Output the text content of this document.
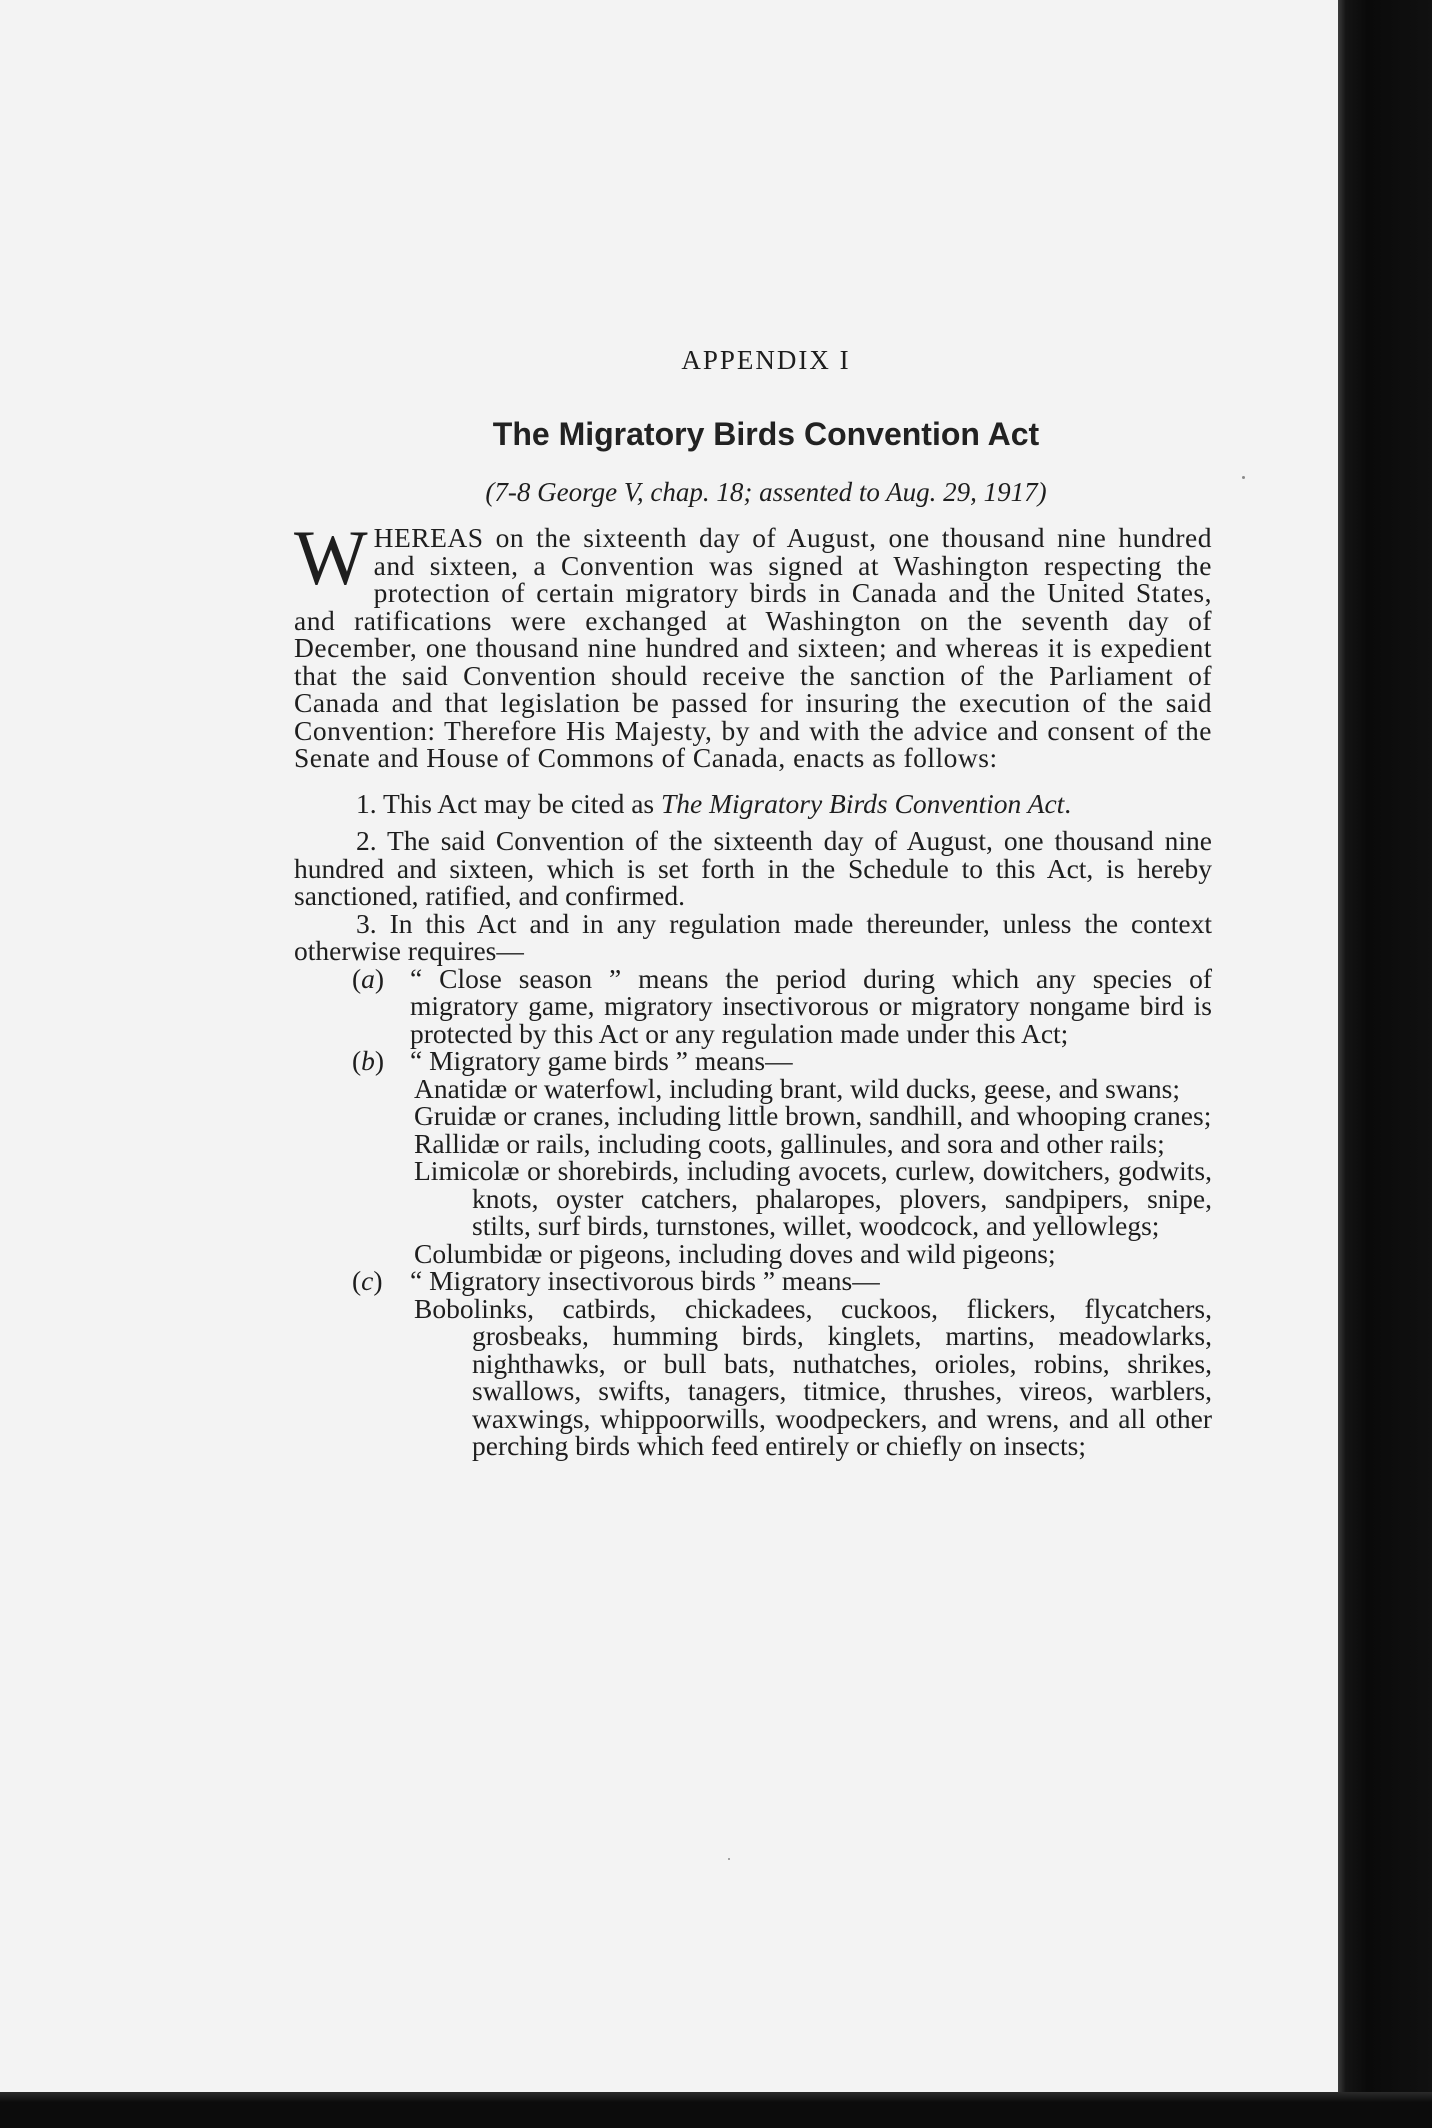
APPENDIX I
The Migratory Birds Convention Act
(7-8 George V, chap. 18; assented to Aug. 29, 1917)

WHEREAS on the sixteenth day of August, one thousand nine hundred and sixteen, a Convention was signed at Washington respecting the protection of certain migratory birds in Canada and the United States, and ratifications were exchanged at Washington on the seventh day of December, one thousand nine hundred and sixteen; and whereas it is expedient that the said Convention should receive the sanction of the Parliament of Canada and that legislation be passed for insuring the execution of the said Convention: Therefore His Majesty, by and with the advice and consent of the Senate and House of Commons of Canada, enacts as follows:

1. This Act may be cited as The Migratory Birds Convention Act.

2. The said Convention of the sixteenth day of August, one thousand nine hundred and sixteen, which is set forth in the Schedule to this Act, is hereby sanctioned, ratified, and confirmed.

3. In this Act and in any regulation made thereunder, unless the context otherwise requires—

(a) “ Close season ” means the period during which any species of migratory game, migratory insectivorous or migratory nongame bird is protected by this Act or any regulation made under this Act;
(b) “ Migratory game birds ” means—
Anatidæ or waterfowl, including brant, wild ducks, geese, and swans;
Gruidæ or cranes, including little brown, sandhill, and whooping cranes;
Rallidæ or rails, including coots, gallinules, and sora and other rails;
Limicolæ or shorebirds, including avocets, curlew, dowitchers, godwits, knots, oyster catchers, phalaropes, plovers, sandpipers, snipe, stilts, surf birds, turnstones, willet, woodcock, and yellowlegs;
Columbidæ or pigeons, including doves and wild pigeons;
(c) “ Migratory insectivorous birds ” means—
Bobolinks, catbirds, chickadees, cuckoos, flickers, flycatchers, grosbeaks, humming birds, kinglets, martins, meadowlarks, nighthawks, or bull bats, nuthatches, orioles, robins, shrikes, swallows, swifts, tanagers, titmice, thrushes, vireos, warblers, waxwings, whippoorwills, woodpeckers, and wrens, and all other perching birds which feed entirely or chiefly on insects;
